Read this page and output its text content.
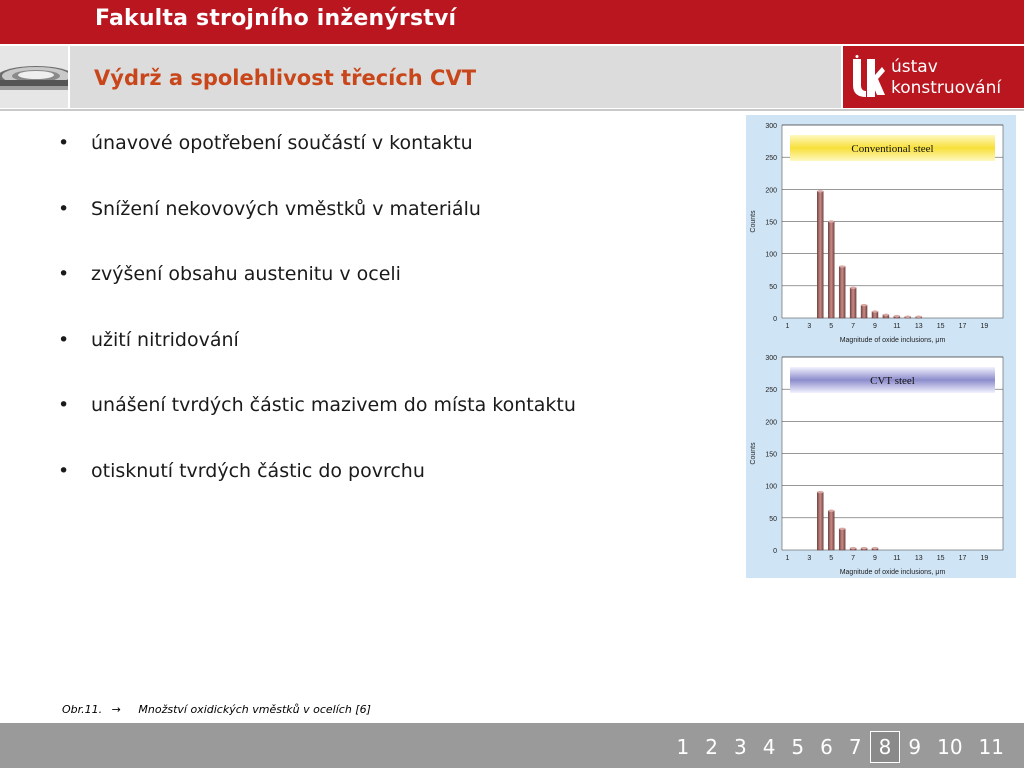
Fakulta strojního inženýrství
Výdrž a spolehlivost třecích CVT	ústav
konstruování
• únavové opotřebení součástí v kontaktu
• Snížení nekovových vměstků v materiálu
• zvýšení obsahu austenitu v oceli
• užití nitridování
• unášení tvrdých částic mazivem do místa kontaktu
• otisknutí tvrdých částic do povrchu
0
50
100
150
200
250
300
1	3	5	7	9 11 13 15 17 19
Magnitude of oxide inclusions, μm
Counts
Conventional steel
0
50
100
150
200
250
300
1	3	5	7	9 11 13 15 17 19
Magnitude of oxide inclusions, μm
Counts
CVT steel
Obr.11. → Množství oxidických vměstků v ocelích [6]
1 2 3 4 5 6 7 8 9 10 11
